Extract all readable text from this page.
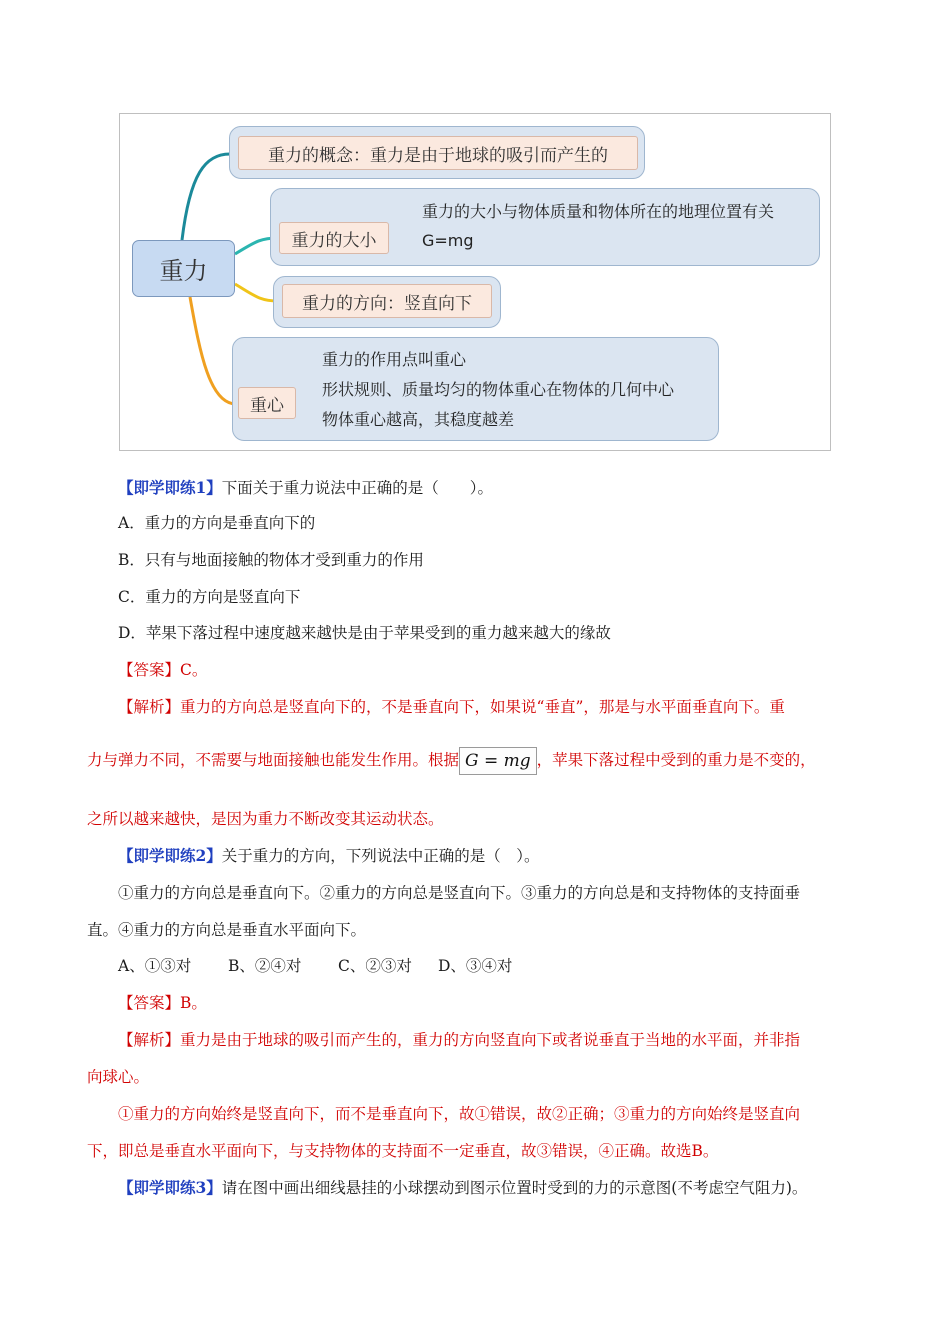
重力
重力的概念：重力是由于地球的吸引而产生的
重力的大小
重力的大小与物体质量和物体所在的地理位置有关
G=mg
重力的方向：竖直向下
重心
重力的作用点叫重心
形状规则、质量均匀的物体重心在物体的几何中心
物体重心越高，其稳度越差
【即学即练1】下面关于重力说法中正确的是（　　）。
A．重力的方向是垂直向下的
B．只有与地面接触的物体才受到重力的作用
C．重力的方向是竖直向下
D．苹果下落过程中速度越来越快是由于苹果受到的重力越来越大的缘故
【答案】C。
【解析】重力的方向总是竖直向下的，不是垂直向下，如果说“垂直”，那是与水平面垂直向下。重
力与弹力不同，不需要与地面接触也能发生作用。根据 G = mg ，苹果下落过程中受到的重力是不变的，
之所以越来越快，是因为重力不断改变其运动状态。
【即学即练2】关于重力的方向，下列说法中正确的是（　）。
①重力的方向总是垂直向下。②重力的方向总是竖直向下。③重力的方向总是和支持物体的支持面垂
直。④重力的方向总是垂直水平面向下。
A、①③对 B、②④对 C、②③对 D、③④对
【答案】B。
【解析】重力是由于地球的吸引而产生的，重力的方向竖直向下或者说垂直于当地的水平面，并非指
向球心。
①重力的方向始终是竖直向下，而不是垂直向下，故①错误，故②正确；③重力的方向始终是竖直向
下，即总是垂直水平面向下，与支持物体的支持面不一定垂直，故③错误，④正确。故选B。
【即学即练3】请在图中画出细线悬挂的小球摆动到图示位置时受到的力的示意图(不考虑空气阻力)。
